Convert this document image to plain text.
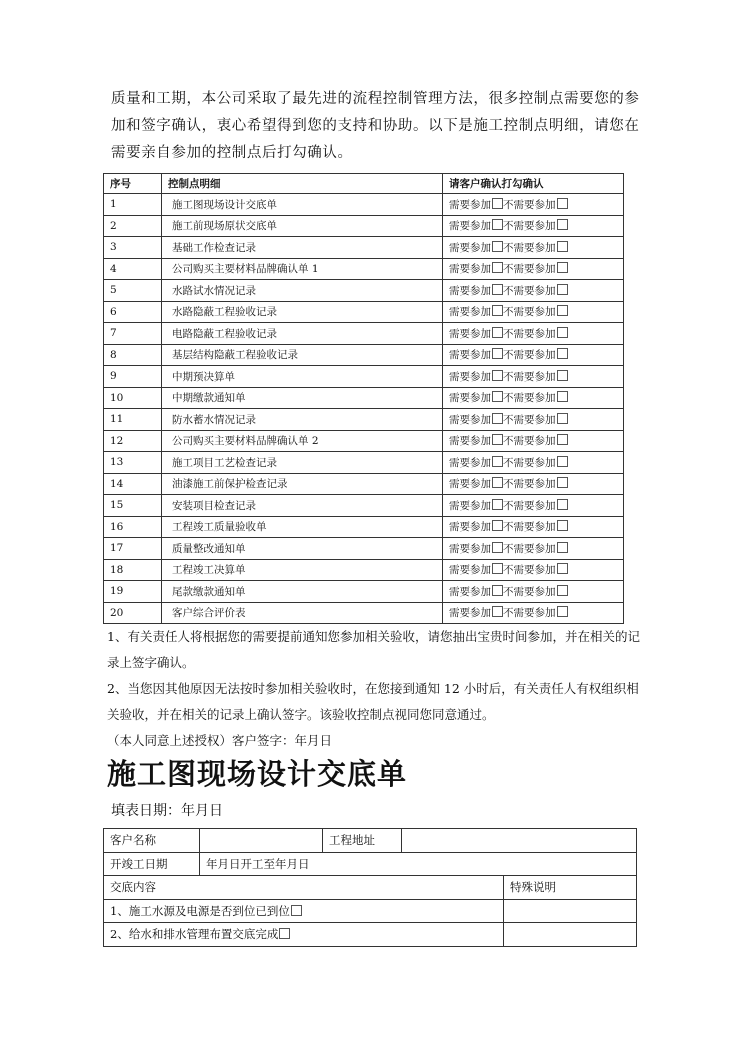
质量和工期，本公司采取了最先进的流程控制管理方法，很多控制点需要您的参加和签字确认，衷心希望得到您的支持和协助。以下是施工控制点明细，请您在需要亲自参加的控制点后打勾确认。
序号	控制点明细	请客户确认打勾确认
1	施工图现场设计交底单	需要参加 不需要参加
2	施工前现场原状交底单	需要参加 不需要参加
3	基础工作检查记录	需要参加 不需要参加
4	公司购买主要材料品牌确认单 1	需要参加 不需要参加
5	水路试水情况记录	需要参加 不需要参加
6	水路隐蔽工程验收记录	需要参加 不需要参加
7	电路隐蔽工程验收记录	需要参加 不需要参加
8	基层结构隐蔽工程验收记录	需要参加 不需要参加
9	中期预决算单	需要参加 不需要参加
10	中期缴款通知单	需要参加 不需要参加
11	防水蓄水情况记录	需要参加 不需要参加
12	公司购买主要材料品牌确认单 2	需要参加 不需要参加
13	施工项目工艺检查记录	需要参加 不需要参加
14	油漆施工前保护检查记录	需要参加 不需要参加
15	安装项目检查记录	需要参加 不需要参加
16	工程竣工质量验收单	需要参加 不需要参加
17	质量整改通知单	需要参加 不需要参加
18	工程竣工决算单	需要参加 不需要参加
19	尾款缴款通知单	需要参加 不需要参加
20	客户综合评价表	需要参加 不需要参加
1、有关责任人将根据您的需要提前通知您参加相关验收，请您抽出宝贵时间参加，并在相关的记录上签字确认。
2、当您因其他原因无法按时参加相关验收时，在您接到通知 12 小时后，有关责任人有权组织相关验收，并在相关的记录上确认签字。该验收控制点视同您同意通过。
（本人同意上述授权）客户签字：年月日
施工图现场设计交底单
填表日期：年月日
客户名称		工程地址		
开竣工日期	年月日开工至年月日			
交底内容				特殊说明
1、施工水源及电源是否到位已到位				
2、给水和排水管理布置交底完成				
